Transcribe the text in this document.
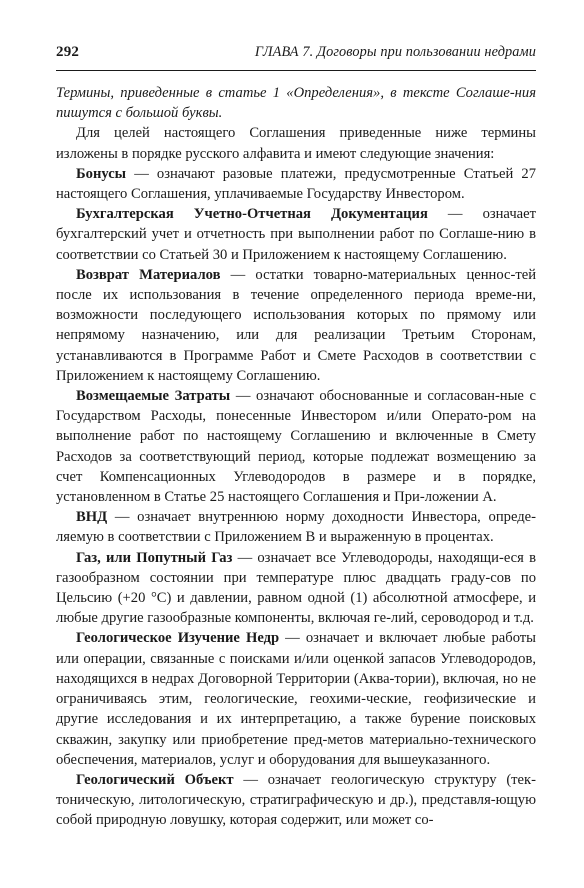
292	ГЛАВА 7. Договоры при пользовании недрами

Термины, приведенные в статье 1 «Определения», в тексте Соглаше-ния пишутся с большой буквы.

Для целей настоящего Соглашения приведенные ниже термины изложены в порядке русского алфавита и имеют следующие значения:

Бонусы — означают разовые платежи, предусмотренные Статьей 27 настоящего Соглашения, уплачиваемые Государству Инвестором.

Бухгалтерская Учетно-Отчетная Документация — означает бухгалтерский учет и отчетность при выполнении работ по Соглаше-нию в соответствии со Статьей 30 и Приложением к настоящему Соглашению.

Возврат Материалов — остатки товарно-материальных ценнос-тей после их использования в течение определенного периода време-ни, возможности последующего использования которых по прямому или непрямому назначению, или для реализации Третьим Сторонам, устанавливаются в Программе Работ и Смете Расходов в соответствии с Приложением к настоящему Соглашению.

Возмещаемые Затраты — означают обоснованные и согласован-ные с Государством Расходы, понесенные Инвестором и/или Операто-ром на выполнение работ по настоящему Соглашению и включенные в Смету Расходов за соответствующий период, которые подлежат возмещению за счет Компенсационных Углеводородов в размере и в порядке, установленном в Статье 25 настоящего Соглашения и При-ложении А.

ВНД — означает внутреннюю норму доходности Инвестора, опреде-ляемую в соответствии с Приложением В и выраженную в процентах.

Газ, или Попутный Газ — означает все Углеводороды, находящи-еся в газообразном состоянии при температуре плюс двадцать граду-сов по Цельсию (+20 °С) и давлении, равном одной (1) абсолютной атмосфере, и любые другие газообразные компоненты, включая ге-лий, сероводород и т.д.

Геологическое Изучение Недр — означает и включает любые работы или операции, связанные с поисками и/или оценкой запасов Углеводородов, находящихся в недрах Договорной Территории (Аква-тории), включая, но не ограничиваясь этим, геологические, геохими-ческие, геофизические и другие исследования и их интерпретацию, а также бурение поисковых скважин, закупку или приобретение пред-метов материально-технического обеспечения, материалов, услуг и оборудования для вышеуказанного.

Геологический Объект — означает геологическую структуру (тек-тоническую, литологическую, стратиграфическую и др.), представля-ющую собой природную ловушку, которая содержит, или может со-
